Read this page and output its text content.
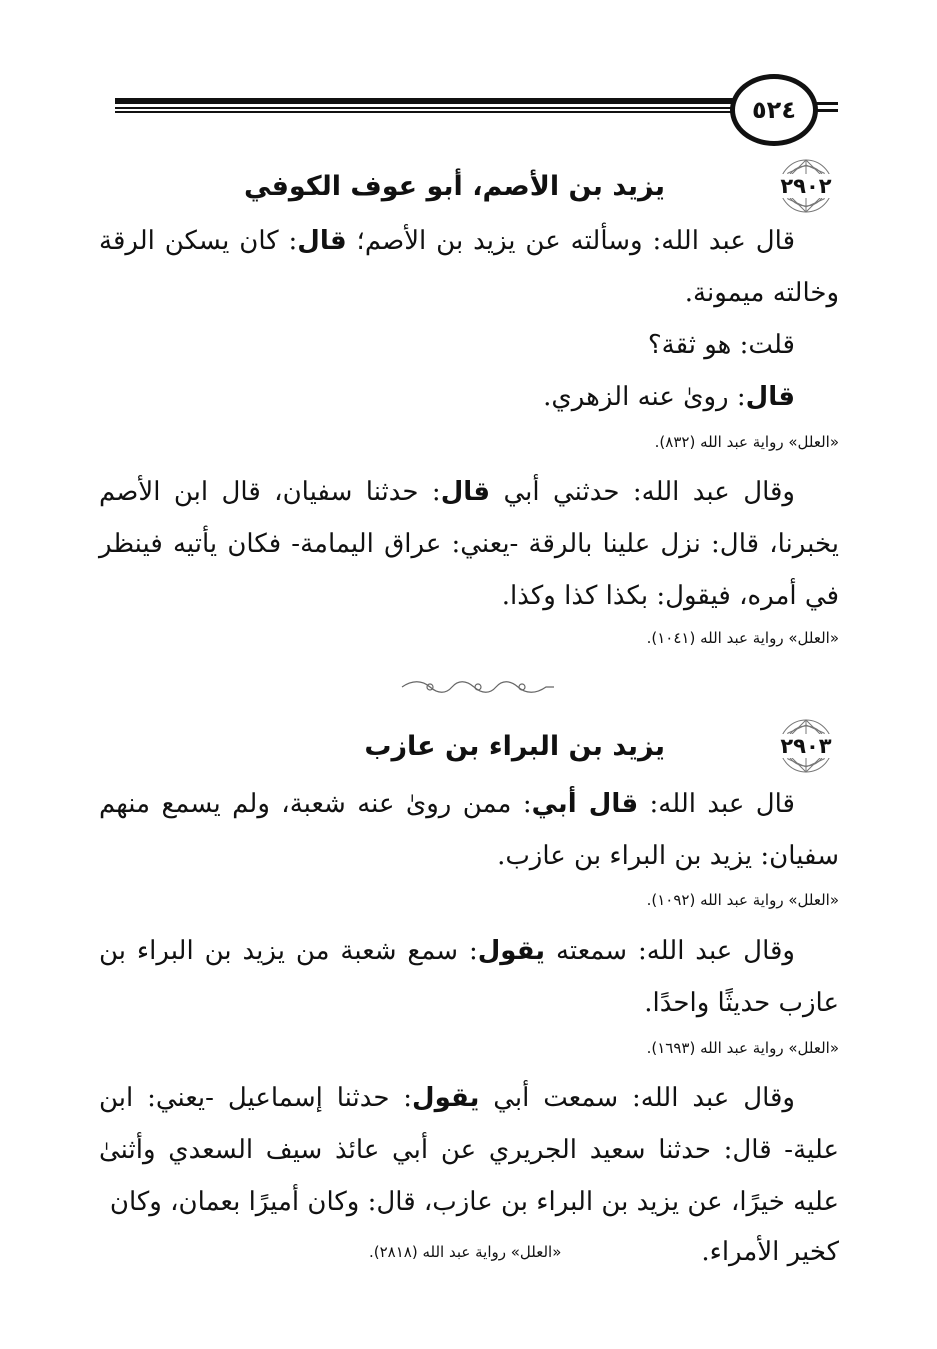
٥٢٤
٢٩٠٢
يزيد بن الأصم، أبو عوف الكوفي
قال عبد الله: وسألته عن يزيد بن الأصم؛ قال: كان يسكن الرقة وخالته ميمونة.
قلت: هو ثقة؟
قال: روىٰ عنه الزهري.
«العلل» رواية عبد الله (٨٣٢).
وقال عبد الله: حدثني أبي قال: حدثنا سفيان، قال ابن الأصم يخبرنا، قال: نزل علينا بالرقة -يعني: عراق اليمامة- فكان يأتيه فينظر في أمره، فيقول: بكذا كذا وكذا.
«العلل» رواية عبد الله (١٠٤١).
٢٩٠٣
يزيد بن البراء بن عازب
قال عبد الله: قال أبي: ممن روىٰ عنه شعبة، ولم يسمع منهم سفيان: يزيد بن البراء بن عازب.
«العلل» رواية عبد الله (١٠٩٢).
وقال عبد الله: سمعته يقول: سمع شعبة من يزيد بن البراء بن عازب حديثًا واحدًا.
«العلل» رواية عبد الله (١٦٩٣).
وقال عبد الله: سمعت أبي يقول: حدثنا إسماعيل -يعني: ابن علية- قال: حدثنا سعيد الجريري عن أبي عائذ سيف السعدي وأثنىٰ عليه خيرًا، عن يزيد بن البراء بن عازب، قال: وكان أميرًا بعمان، وكان
كخير الأمراء.
«العلل» رواية عبد الله (٢٨١٨).
